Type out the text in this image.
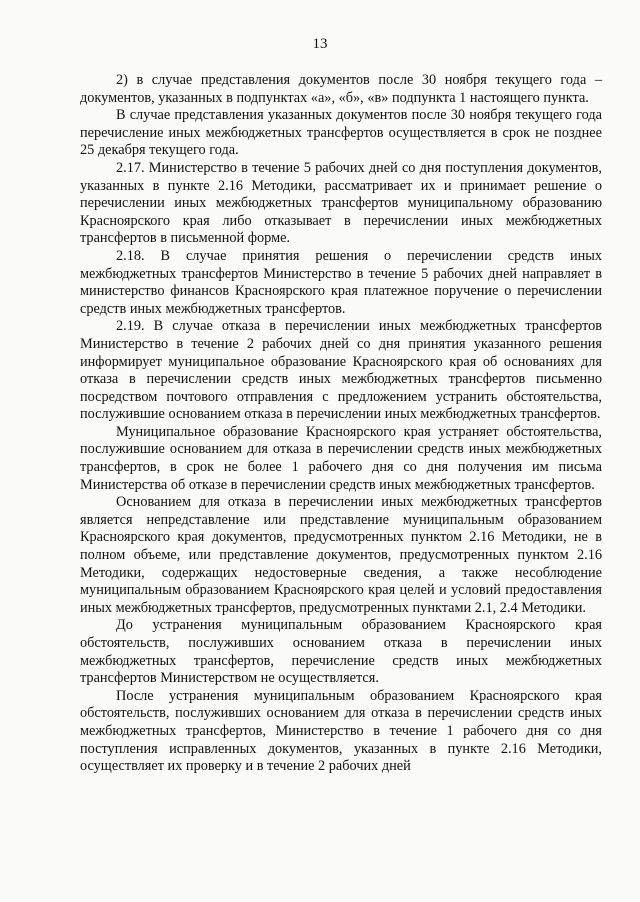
13

2) в случае представления документов после 30 ноября текущего года – документов, указанных в подпунктах «а», «б», «в» подпункта 1 настоящего пункта.

В случае представления указанных документов после 30 ноября текущего года перечисление иных межбюджетных трансфертов осуществляется в срок не позднее 25 декабря текущего года.

2.17. Министерство в течение 5 рабочих дней со дня поступления документов, указанных в пункте 2.16 Методики, рассматривает их и принимает решение о перечислении иных межбюджетных трансфертов муниципальному образованию Красноярского края либо отказывает в перечислении иных межбюджетных трансфертов в письменной форме.

2.18. В случае принятия решения о перечислении средств иных межбюджетных трансфертов Министерство в течение 5 рабочих дней направляет в министерство финансов Красноярского края платежное поручение о перечислении средств иных межбюджетных трансфертов.

2.19. В случае отказа в перечислении иных межбюджетных трансфертов Министерство в течение 2 рабочих дней со дня принятия указанного решения информирует муниципальное образование Красноярского края об основаниях для отказа в перечислении средств иных межбюджетных трансфертов письменно посредством почтового отправления с предложением устранить обстоятельства, послужившие основанием отказа в перечислении иных межбюджетных трансфертов.

Муниципальное образование Красноярского края устраняет обстоятельства, послужившие основанием для отказа в перечислении средств иных межбюджетных трансфертов, в срок не более 1 рабочего дня со дня получения им письма Министерства об отказе в перечислении средств иных межбюджетных трансфертов.

Основанием для отказа в перечислении иных межбюджетных трансфертов является непредставление или представление муниципальным образованием Красноярского края документов, предусмотренных пунктом 2.16 Методики, не в полном объеме, или представление документов, предусмотренных пунктом 2.16 Методики, содержащих недостоверные сведения, а также несоблюдение муниципальным образованием Красноярского края целей и условий предоставления иных межбюджетных трансфертов, предусмотренных пунктами 2.1, 2.4 Методики.

До устранения муниципальным образованием Красноярского края обстоятельств, послуживших основанием отказа в перечислении иных межбюджетных трансфертов, перечисление средств иных межбюджетных трансфертов Министерством не осуществляется.

После устранения муниципальным образованием Красноярского края обстоятельств, послуживших основанием для отказа в перечислении средств иных межбюджетных трансфертов, Министерство в течение 1 рабочего дня со дня поступления исправленных документов, указанных в пункте 2.16 Методики, осуществляет их проверку и в течение 2 рабочих дней
